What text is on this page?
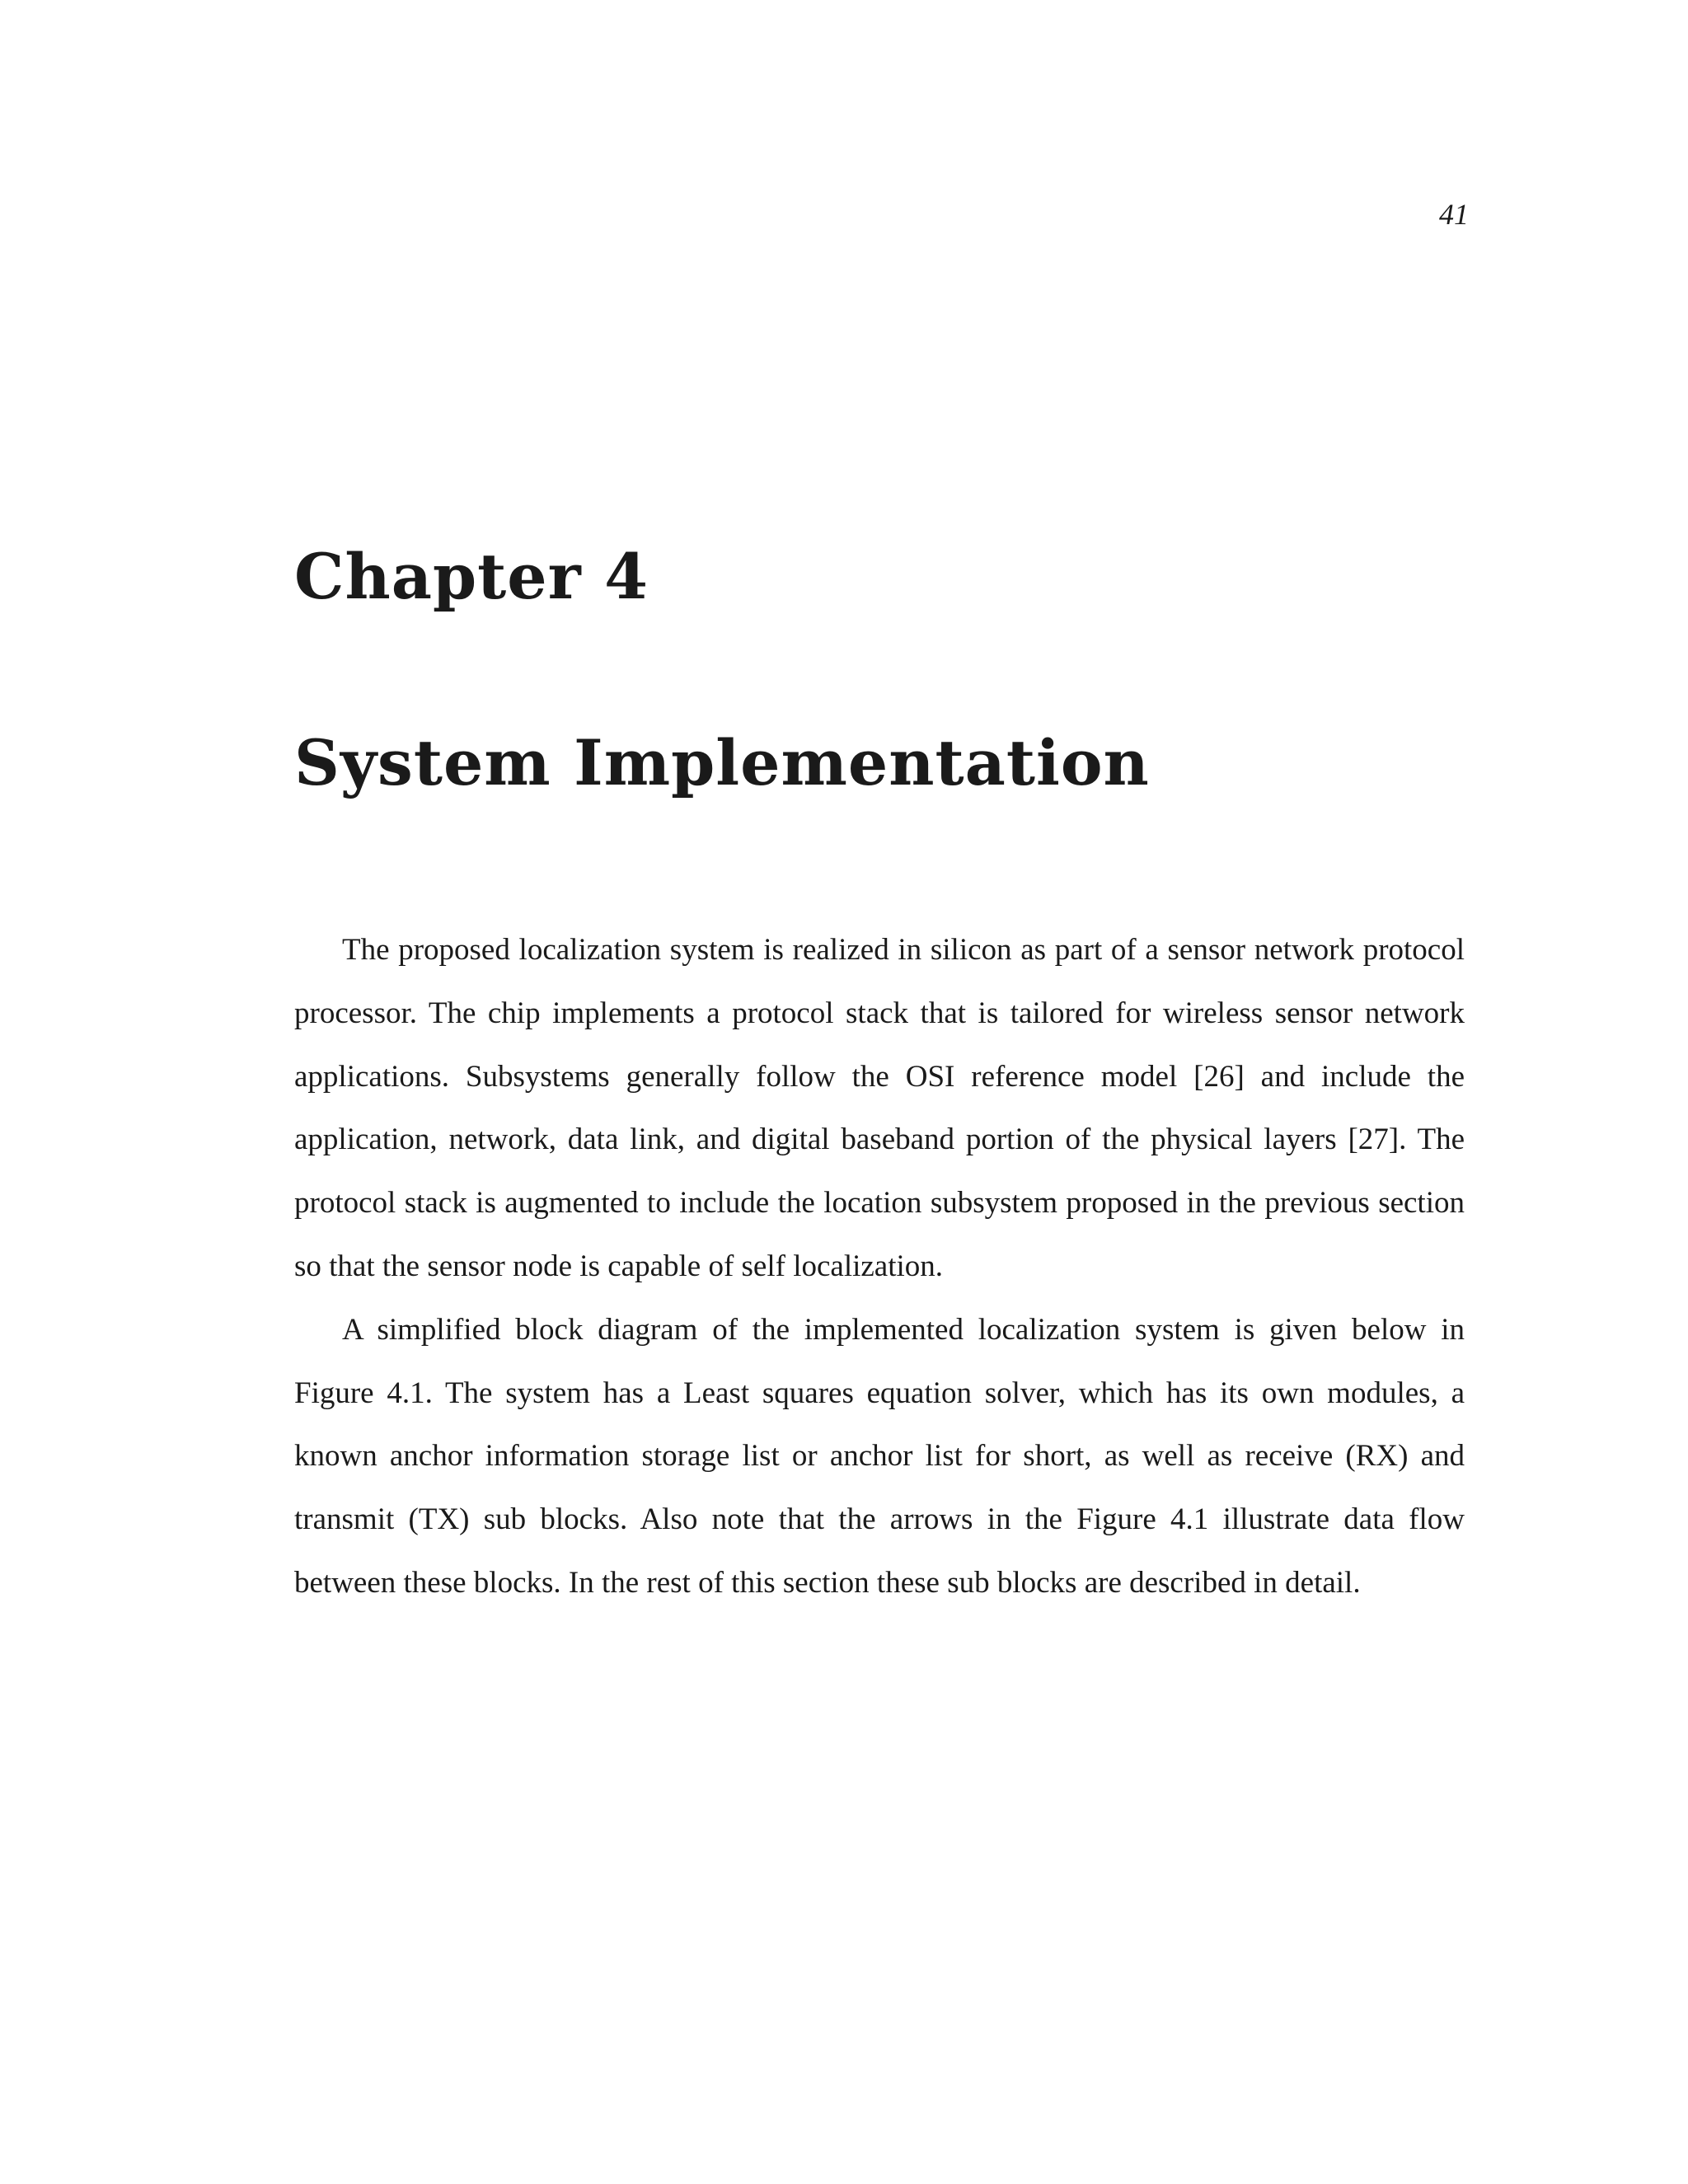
41
Chapter 4
System Implementation

The proposed localization system is realized in silicon as part of a sensor network protocol processor. The chip implements a protocol stack that is tailored for wireless sensor network applications. Subsystems generally follow the OSI reference model [26] and include the application, network, data link, and digital baseband portion of the physical layers [27]. The protocol stack is augmented to include the location subsystem proposed in the previous section so that the sensor node is capable of self localization.

A simplified block diagram of the implemented localization system is given below in Figure 4.1. The system has a Least squares equation solver, which has its own modules, a known anchor information storage list or anchor list for short, as well as receive (RX) and transmit (TX) sub blocks. Also note that the arrows in the Figure 4.1 illustrate data flow between these blocks. In the rest of this section these sub blocks are described in detail.
